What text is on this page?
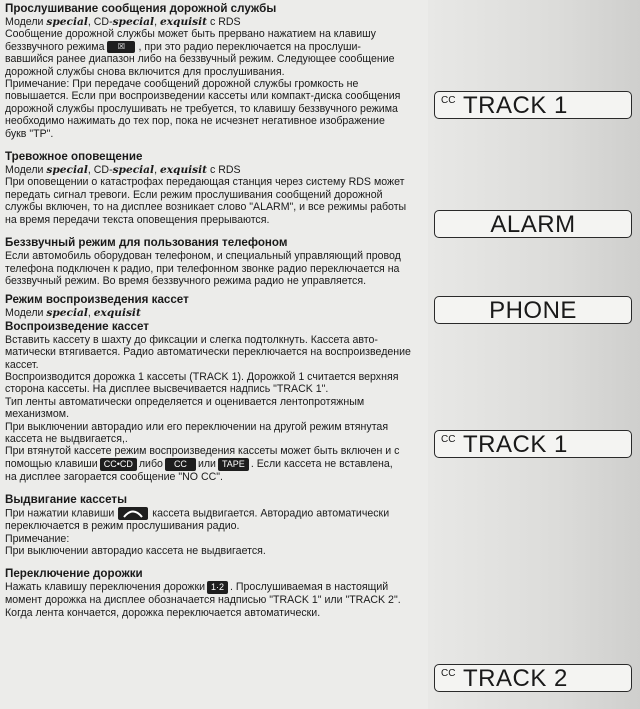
Прослушивание сообщения дорожной службы

Модели special, CD-special, exquisit с RDS

Сообщение дорожной службы может быть прервано нажатием на клавишу

беззвучного режима ☒ , при это радио переключается на прослуши-

вавшийся ранее диапазон либо на беззвучный режим. Следующее сообщение

дорожной службы снова включится для прослушивания.

Примечание: При передаче сообщений дорожной службы громкость не

повышается. Если при воспроизведении кассеты или компакт-диска сообщения

дорожной службы прослушивать не требуется, то клавишу беззвучного режима

необходимо нажимать до тех пор, пока не исчезнет негативное изображение

букв "TP".

Тревожное оповещение

Модели special, CD-special, exquisit с RDS

При оповещении о катастрофах передающая станция через систему RDS может

передать сигнал тревоги. Если режим прослушивания сообщений дорожной

службы включен, то на дисплее возникает слово "ALARM", и все режимы работы

на время передачи текста оповещения прерываются.

Беззвучный режим для пользования телефоном

Если автомобиль оборудован телефоном, и специальный управляющий провод

телефона подключен к радио, при телефонном звонке радио переключается на

беззвучный режим. Во время беззвучного режима радио не управляется.

Режим воспроизведения кассет

Модели special, exquisit

Воспроизведение кассет

Вставить кассету в шахту до фиксации и слегка подтолкнуть. Кассета авто-

матически втягивается. Радио автоматически переключается на воспроизведение

кассет.

Воспроизводится дорожка 1 кассеты (TRACK 1). Дорожкой 1 считается верхняя

сторона кассеты. На дисплее высвечивается надпись "TRACK 1".

Тип ленты автоматически определяется и оценивается лентопротяжным

механизмом.

При выключении авторадио или его переключении на другой режим втянутая

кассета не выдвигается,.

При втянутой кассете режим воспроизведения кассеты может быть включен и с

помощью клавиши CC•CD либо CC или TAPE . Если кассета не вставлена,

на дисплее загорается сообщение "NO CC".

Выдвигание кассеты

При нажатии клавиши	кассета выдвигается. Авторадио автоматически

переключается в режим прослушивания радио.

Примечание:

При выключении авторадио кассета не выдвигается.

Переключение дорожки

Нажать клавишу переключения дорожки 1·2 . Прослушиваемая в настоящий

момент дорожка на дисплее обозначается надписью "TRACK 1" или "TRACK 2".

Когда лента кончается, дорожка переключается автоматически.

CC TRACK 1
ALARM
PHONE
CC TRACK 1
CC TRACK 2
